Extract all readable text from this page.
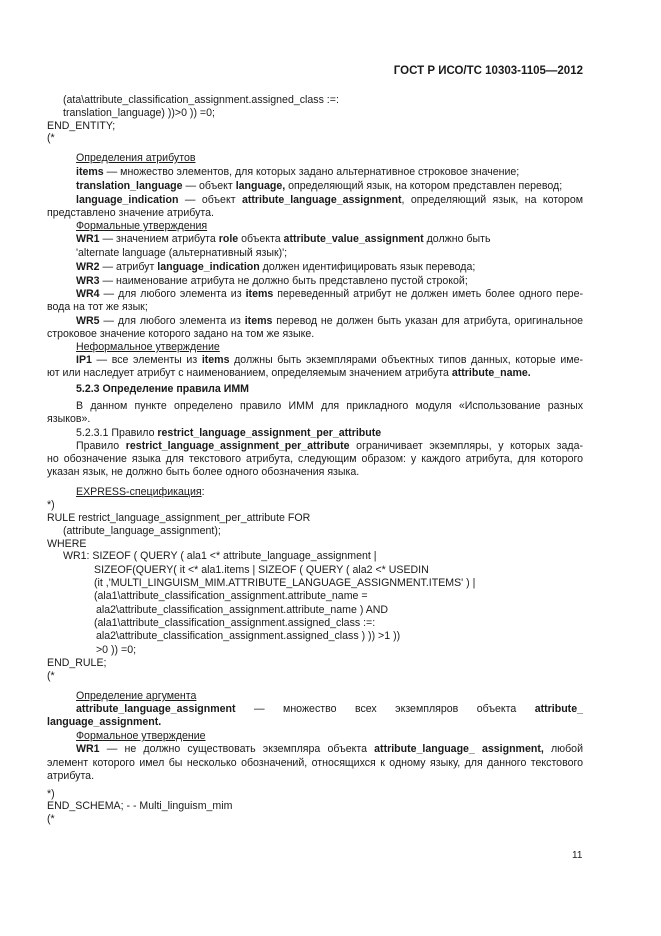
ГОСТ Р ИСО/ТС 10303-1105—2012
(ata\attribute_classification_assignment.assigned_class :=:
translation_language) ))>0 )) =0;
END_ENTITY;
(*
Определения атрибутов
items — множество элементов, для которых задано альтернативное строковое значение;
translation_language — объект language, определяющий язык, на котором представлен перевод;
language_indication — объект attribute_language_assignment, определяющий язык, на котором
представлено значение атрибута.
Формальные утверждения
WR1 — значением атрибута role объекта attribute_value_assignment должно быть
'alternate language (альтернативный язык)';
WR2 — атрибут language_indication должен идентифицировать язык перевода;
WR3 — наименование атрибута не должно быть представлено пустой строкой;
WR4 — для любого элемента из items переведенный атрибут не должен иметь более одного пере-
вода на тот же язык;
WR5 — для любого элемента из items перевод не должен быть указан для атрибута, оригинальное
строковое значение которого задано на том же языке.
Неформальное утверждение
IP1 — все элементы из items должны быть экземплярами объектных типов данных, которые име-
ют или наследует атрибут с наименованием, определяемым значением атрибута attribute_name.
5.2.3 Определение правила ИММ
В данном пункте определено правило ИММ для прикладного модуля «Использование разных
языков».
5.2.3.1 Правило restrict_language_assignment_per_attribute
Правило restrict_language_assignment_per_attribute ограничивает экземпляры, у которых зада-
но обозначение языка для текстового атрибута, следующим образом: у каждого атрибута, для которого
указан язык, не должно быть более одного обозначения языка.
EXPRESS-спецификация:
*)
RULE restrict_language_assignment_per_attribute FOR
(attribute_language_assignment);
WHERE
WR1: SIZEOF ( QUERY ( ala1 <* attribute_language_assignment |
SIZEOF(QUERY( it <* ala1.items | SIZEOF ( QUERY ( ala2 <* USEDIN
(it ,'MULTI_LINGUISM_MIM.ATTRIBUTE_LANGUAGE_ASSIGNMENT.ITEMS' ) |
(ala1\attribute_classification_assignment.attribute_name =
ala2\attribute_classification_assignment.attribute_name ) AND
(ala1\attribute_classification_assignment.assigned_class :=:
ala2\attribute_classification_assignment.assigned_class ) )) >1 ))
>0 )) =0;
END_RULE;
(*
Определение аргумента
attribute_language_assignment — множество всех экземпляров объекта attribute_
language_assignment.
Формальное утверждение
WR1 — не должно существовать экземпляра объекта attribute_language_ assignment, любой
элемент которого имел бы несколько обозначений, относящихся к одному языку, для данного текстового
атрибута.
*)
END_SCHEMA; - - Multi_linguism_mim
(*
11
